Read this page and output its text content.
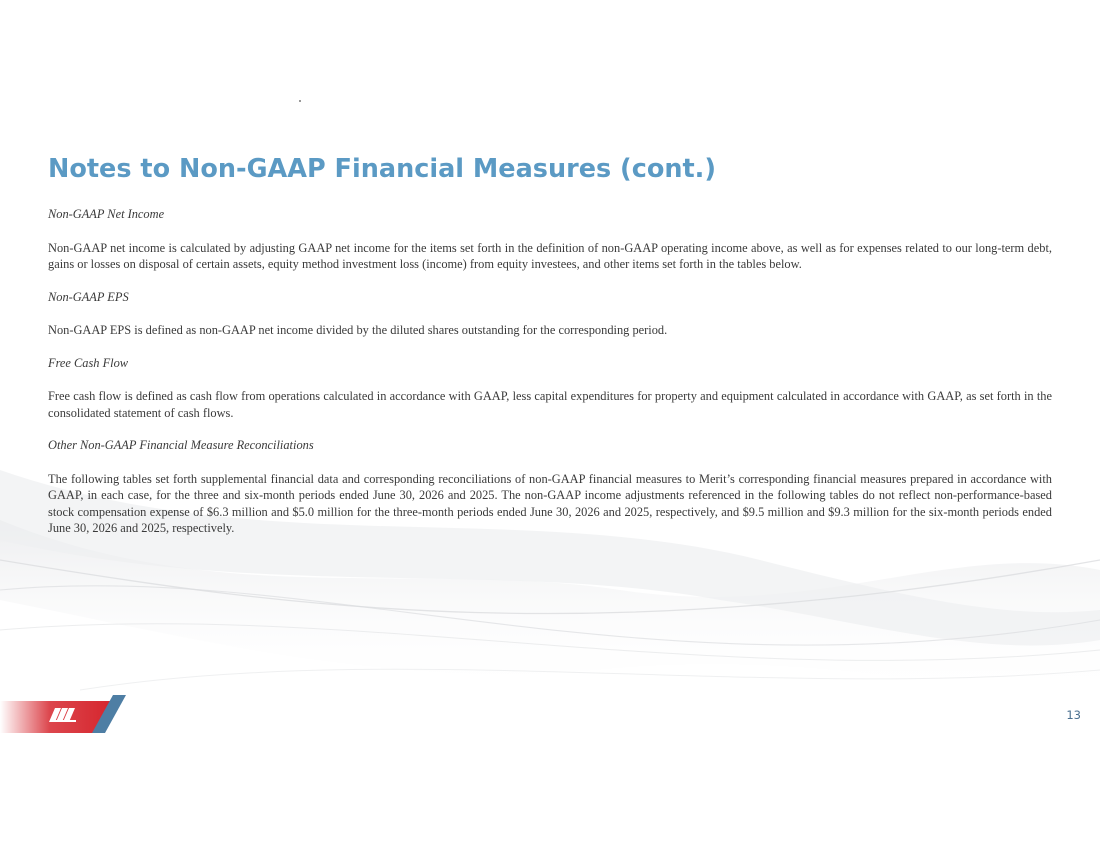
Notes to Non-GAAP Financial Measures (cont.)

Non-GAAP Net Income

Non-GAAP net income is calculated by adjusting GAAP net income for the items set forth in the definition of non-GAAP operating income above, as well as for expenses related to our long-term debt, gains or losses on disposal of certain assets, equity method investment loss (income) from equity investees, and other items set forth in the tables below.

Non-GAAP EPS

Non-GAAP EPS is defined as non-GAAP net income divided by the diluted shares outstanding for the corresponding period.

Free Cash Flow

Free cash flow is defined as cash flow from operations calculated in accordance with GAAP, less capital expenditures for property and equipment calculated in accordance with GAAP, as set forth in the consolidated statement of cash flows.

Other Non-GAAP Financial Measure Reconciliations

The following tables set forth supplemental financial data and corresponding reconciliations of non-GAAP financial measures to Merit’s corresponding financial measures prepared in accordance with GAAP, in each case, for the three and six-month periods ended June 30, 2026 and 2025. The non-GAAP income adjustments referenced in the following tables do not reflect non-performance-based stock compensation expense of $6.3 million and $5.0 million for the three-month periods ended June 30, 2026 and 2025, respectively, and $9.5 million and $9.3 million for the six-month periods ended June 30, 2026 and 2025, respectively.

13
